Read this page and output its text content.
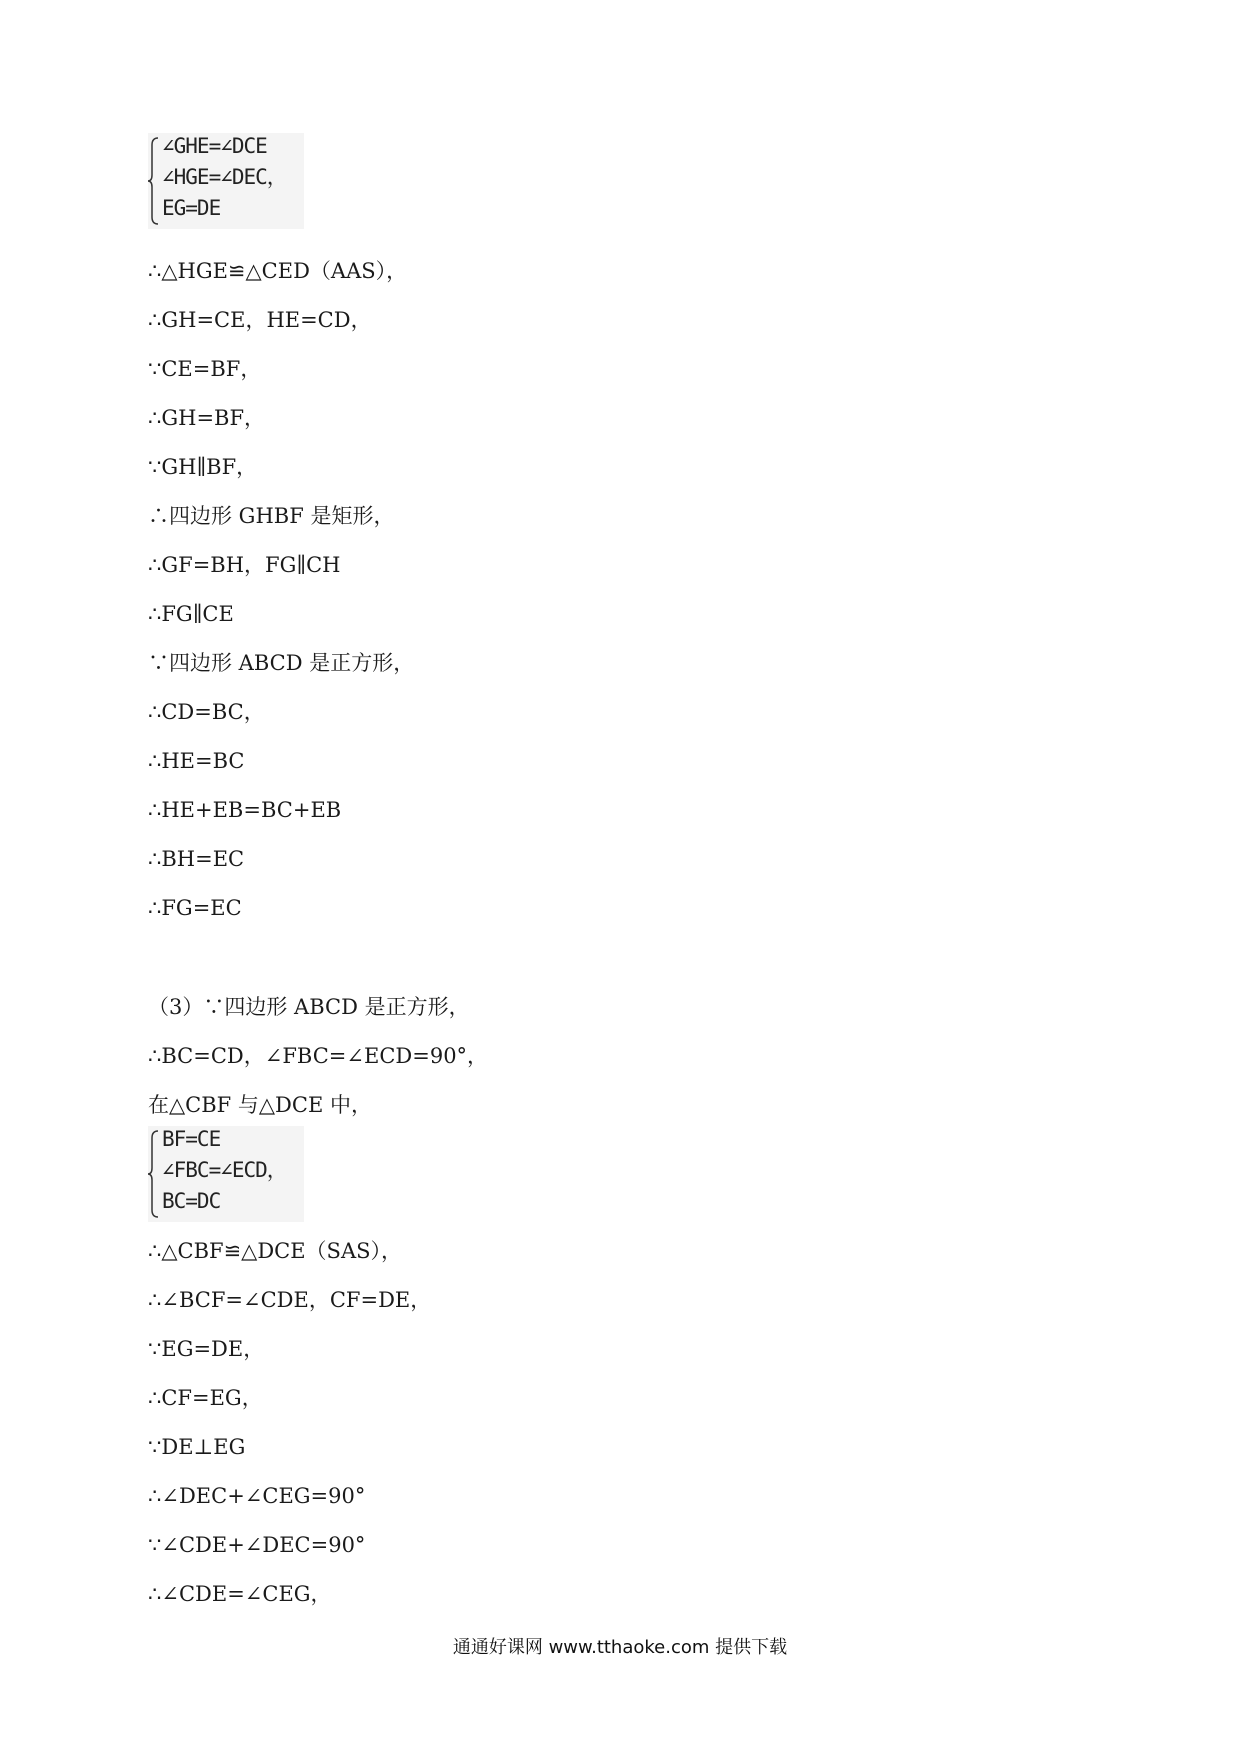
∠GHE=∠DCE
∠HGE=∠DEC，
EG=DE
∴△HGE≌△CED（AAS），
∴GH=CE，HE=CD，
∵CE=BF，
∴GH=BF，
∵GH∥BF，
∴四边形 GHBF 是矩形，
∴GF=BH，FG∥CH
∴FG∥CE
∵四边形 ABCD 是正方形，
∴CD=BC，
∴HE=BC
∴HE+EB=BC+EB
∴BH=EC
∴FG=EC
（3）∵四边形 ABCD 是正方形，
∴BC=CD，∠FBC=∠ECD=90°，
在△CBF 与△DCE 中，
BF=CE
∠FBC=∠ECD，
BC=DC
∴△CBF≌△DCE（SAS），
∴∠BCF=∠CDE，CF=DE，
∵EG=DE，
∴CF=EG，
∵DE⊥EG
∴∠DEC+∠CEG=90°
∵∠CDE+∠DEC=90°
∴∠CDE=∠CEG，
通通好课网 www.tthaoke.com 提供下载
